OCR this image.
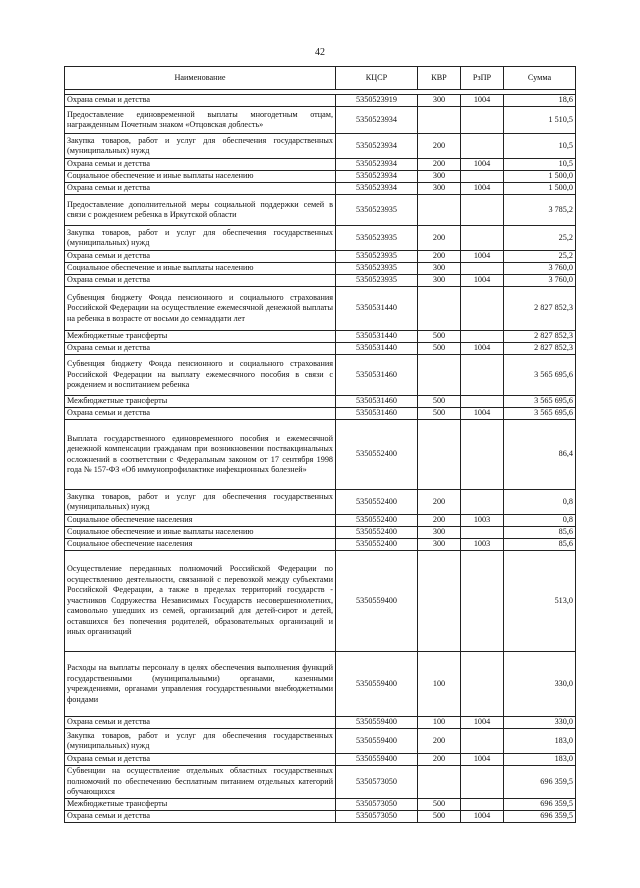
42
Наименование	КЦСР	КВР	РзПР	Сумма

Охрана семьи и детства	5350523919	300	1004	18,6
Предоставление единовременной выплаты многодетным отцам, награжденным Почетным знаком «Отцовская доблесть»	5350523934			1 510,5
Закупка товаров, работ и услуг для обеспечения государственных (муниципальных) нужд	5350523934	200		10,5
Охрана семьи и детства	5350523934	200	1004	10,5
Социальное обеспечение и иные выплаты населению	5350523934	300		1 500,0
Охрана семьи и детства	5350523934	300	1004	1 500,0
Предоставление дополнительной меры социальной поддержки семей в связи с рождением ребенка в Иркутской области	5350523935			3 785,2
Закупка товаров, работ и услуг для обеспечения государственных (муниципальных) нужд	5350523935	200		25,2
Охрана семьи и детства	5350523935	200	1004	25,2
Социальное обеспечение и иные выплаты населению	5350523935	300		3 760,0
Охрана семьи и детства	5350523935	300	1004	3 760,0
Субвенция бюджету Фонда пенсионного и социального страхования Российской Федерации на осуществление ежемесячной денежной выплаты на ребенка в возрасте от восьми до семнадцати лет	5350531440			2 827 852,3
Межбюджетные трансферты	5350531440	500		2 827 852,3
Охрана семьи и детства	5350531440	500	1004	2 827 852,3
Субвенция бюджету Фонда пенсионного и социального страхования Российской Федерации на выплату ежемесячного пособия в связи с рождением и воспитанием ребенка	5350531460			3 565 695,6
Межбюджетные трансферты	5350531460	500		3 565 695,6
Охрана семьи и детства	5350531460	500	1004	3 565 695,6
Выплата государственного единовременного пособия и ежемесячной денежной компенсации гражданам при возникновении поствакцинальных осложнений в соответствии с Федеральным законом от 17 сентября 1998 года № 157-ФЗ «Об иммунопрофилактике инфекционных болезней»	5350552400			86,4
Закупка товаров, работ и услуг для обеспечения государственных (муниципальных) нужд	5350552400	200		0,8
Социальное обеспечение населения	5350552400	200	1003	0,8
Социальное обеспечение и иные выплаты населению	5350552400	300		85,6
Социальное обеспечение населения	5350552400	300	1003	85,6
Осуществление переданных полномочий Российской Федерации по осуществлению деятельности, связанной с перевозкой между субъектами Российской Федерации, а также в пределах территорий государств - участников Содружества Независимых Государств несовершеннолетних, самовольно ушедших из семей, организаций для детей-сирот и детей, оставшихся без попечения родителей, образовательных организаций и иных организаций	5350559400			513,0
Расходы на выплаты персоналу в целях обеспечения выполнения функций государственными (муниципальными) органами, казенными учреждениями, органами управления государственными внебюджетными фондами	5350559400	100		330,0
Охрана семьи и детства	5350559400	100	1004	330,0
Закупка товаров, работ и услуг для обеспечения государственных (муниципальных) нужд	5350559400	200		183,0
Охрана семьи и детства	5350559400	200	1004	183,0
Субвенции на осуществление отдельных областных государственных полномочий по обеспечению бесплатным питанием отдельных категорий обучающихся	5350573050			696 359,5
Межбюджетные трансферты	5350573050	500		696 359,5
Охрана семьи и детства	5350573050	500	1004	696 359,5
